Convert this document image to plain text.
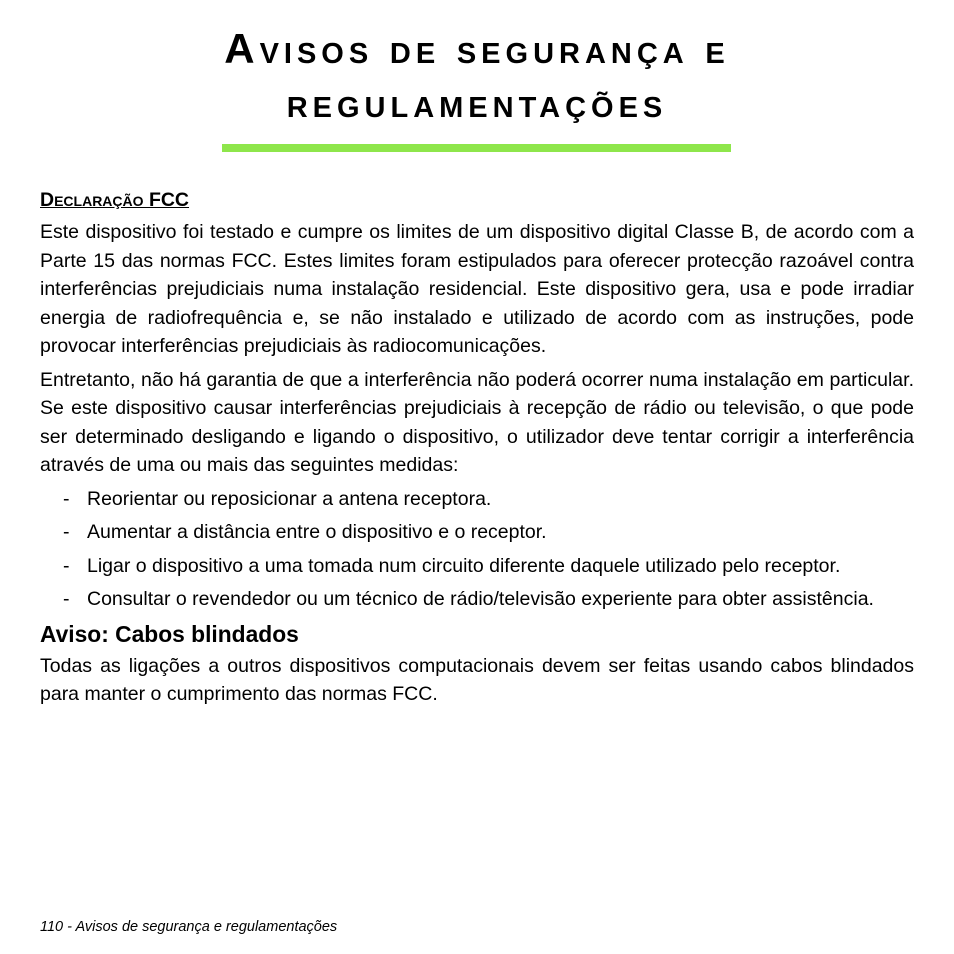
Avisos de segurança e
regulamentações
Declaração FCC

Este dispositivo foi testado e cumpre os limites de um dispositivo digital Classe B, de acordo com a Parte 15 das normas FCC. Estes limites foram estipulados para oferecer protecção razoável contra interferências prejudiciais numa instalação residencial. Este dispositivo gera, usa e pode irradiar energia de radiofrequência e, se não instalado e utilizado de acordo com as instruções, pode provocar interferências prejudiciais às radiocomunicações.

Entretanto, não há garantia de que a interferência não poderá ocorrer numa instalação em particular. Se este dispositivo causar interferências prejudiciais à recepção de rádio ou televisão, o que pode ser determinado desligando e ligando o dispositivo, o utilizador deve tentar corrigir a interferência através de uma ou mais das seguintes medidas:

- Reorientar ou reposicionar a antena receptora.
- Aumentar a distância entre o dispositivo e o receptor.
- Ligar o dispositivo a uma tomada num circuito diferente daquele utilizado pelo receptor.
- Consultar o revendedor ou um técnico de rádio/televisão experiente para obter assistência.
Aviso: Cabos blindados

Todas as ligações a outros dispositivos computacionais devem ser feitas usando cabos blindados para manter o cumprimento das normas FCC.

110 - Avisos de segurança e regulamentações
